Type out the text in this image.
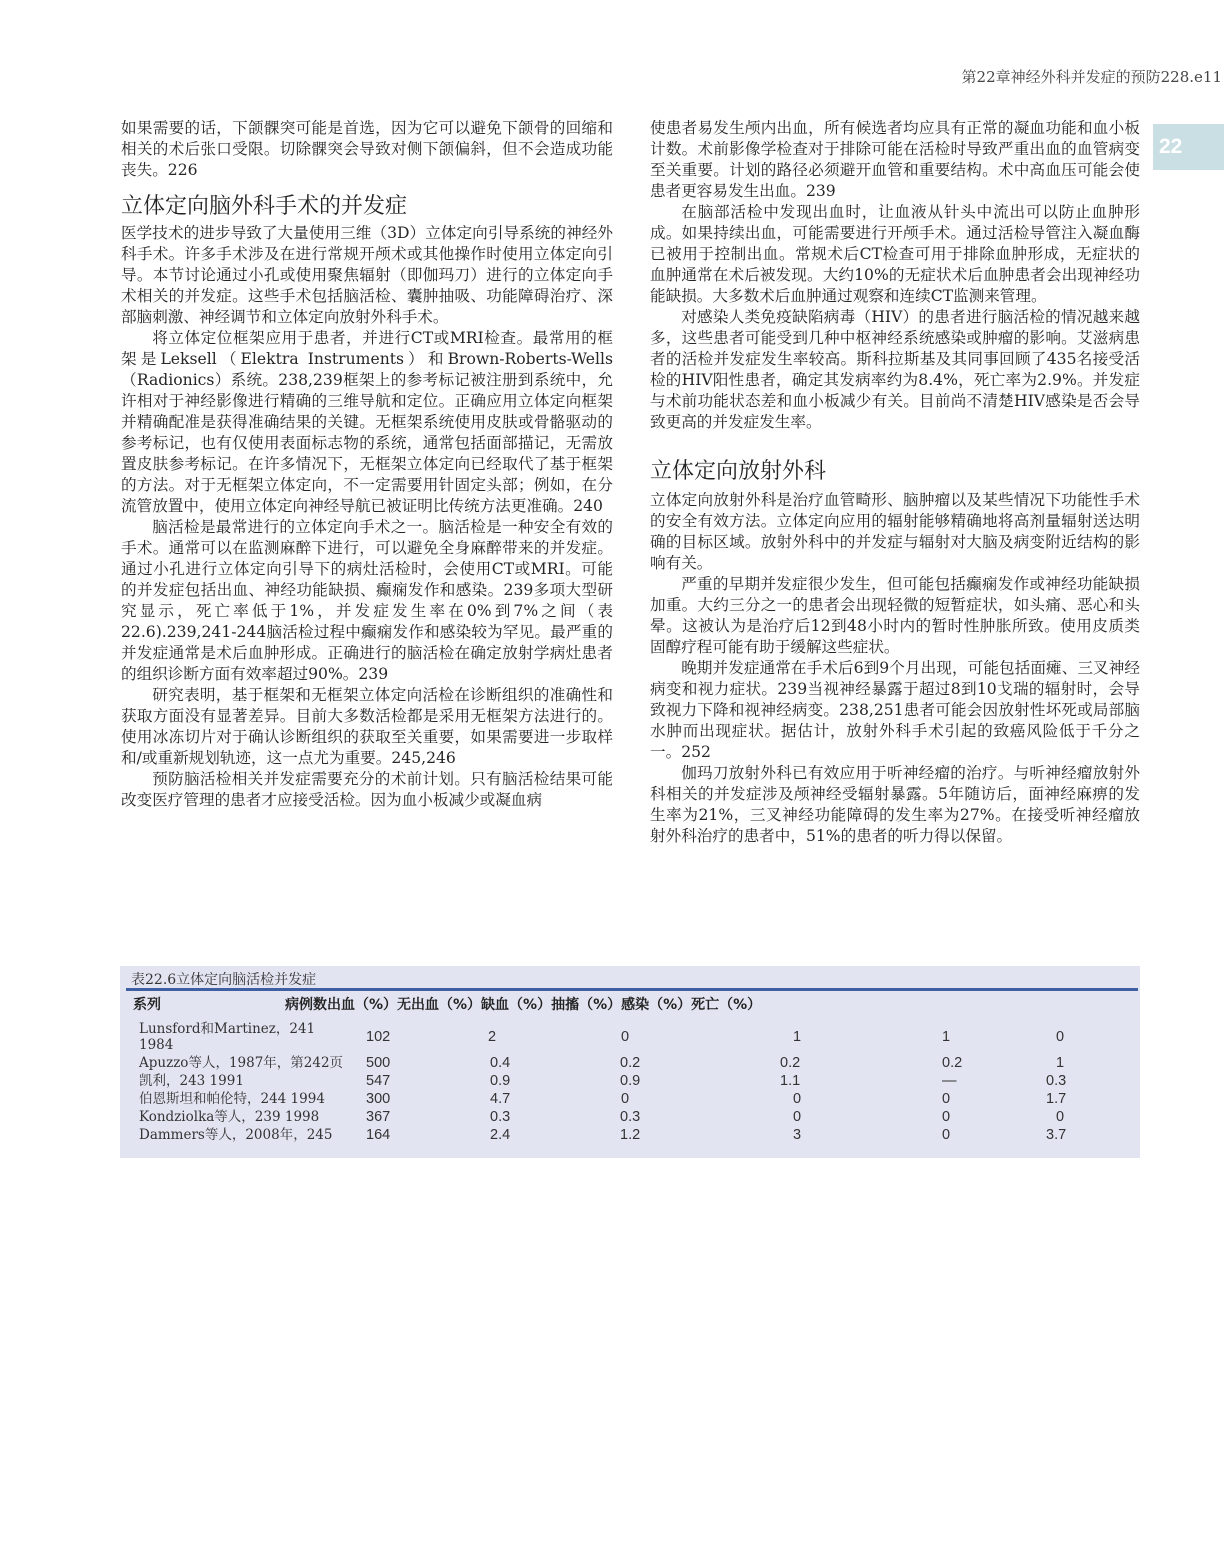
第22章神经外科并发症的预防228.e11
22

如果需要的话，下颌髁突可能是首选，因为它可以避免下颌骨的回缩和相关的术后张口受限。切除髁突会导致对侧下颌偏斜，但不会造成功能丧失。226

立体定向脑外科手术的并发症

医学技术的进步导致了大量使用三维（3D）立体定向引导系统的神经外科手术。许多手术涉及在进行常规开颅术或其他操作时使用立体定向引导。本节讨论通过小孔或使用聚焦辐射（即伽玛刀）进行的立体定向手术相关的并发症。这些手术包括脑活检、囊肿抽吸、功能障碍治疗、深部脑刺激、神经调节和立体定向放射外科手术。

将立体定位框架应用于患者，并进行CT或MRI检查。最常用的框架是Leksell（Elektra Instruments）和Brown-Roberts-Wells（Radionics）系统。238,239框架上的参考标记被注册到系统中，允许相对于神经影像进行精确的三维导航和定位。正确应用立体定向框架并精确配准是获得准确结果的关键。无框架系统使用皮肤或骨骼驱动的参考标记，也有仅使用表面标志物的系统，通常包括面部描记，无需放置皮肤参考标记。在许多情况下，无框架立体定向已经取代了基于框架的方法。对于无框架立体定向，不一定需要用针固定头部；例如，在分流管放置中，使用立体定向神经导航已被证明比传统方法更准确。240

脑活检是最常进行的立体定向手术之一。脑活检是一种安全有效的手术。通常可以在监测麻醉下进行，可以避免全身麻醉带来的并发症。通过小孔进行立体定向引导下的病灶活检时，会使用CT或MRI。可能的并发症包括出血、神经功能缺损、癫痫发作和感染。239多项大型研究显示，死亡率低于1%，并发症发生率在0%到7%之间（表22.6).239,241-244脑活检过程中癫痫发作和感染较为罕见。最严重的并发症通常是术后血肿形成。正确进行的脑活检在确定放射学病灶患者的组织诊断方面有效率超过90%。239

研究表明，基于框架和无框架立体定向活检在诊断组织的准确性和获取方面没有显著差异。目前大多数活检都是采用无框架方法进行的。使用冰冻切片对于确认诊断组织的获取至关重要，如果需要进一步取样和/或重新规划轨迹，这一点尤为重要。245,246

预防脑活检相关并发症需要充分的术前计划。只有脑活检结果可能改变医疗管理的患者才应接受活检。因为血小板减少或凝血病

使患者易发生颅内出血，所有候选者均应具有正常的凝血功能和血小板计数。术前影像学检查对于排除可能在活检时导致严重出血的血管病变至关重要。计划的路径必须避开血管和重要结构。术中高血压可能会使患者更容易发生出血。239

在脑部活检中发现出血时，让血液从针头中流出可以防止血肿形成。如果持续出血，可能需要进行开颅手术。通过活检导管注入凝血酶已被用于控制出血。常规术后CT检查可用于排除血肿形成，无症状的血肿通常在术后被发现。大约10%的无症状术后血肿患者会出现神经功能缺损。大多数术后血肿通过观察和连续CT监测来管理。

对感染人类免疫缺陷病毒（HIV）的患者进行脑活检的情况越来越多，这些患者可能受到几种中枢神经系统感染或肿瘤的影响。艾滋病患者的活检并发症发生率较高。斯科拉斯基及其同事回顾了435名接受活检的HIV阳性患者，确定其发病率约为8.4%，死亡率为2.9%。并发症与术前功能状态差和血小板减少有关。目前尚不清楚HIV感染是否会导致更高的并发症发生率。

立体定向放射外科

立体定向放射外科是治疗血管畸形、脑肿瘤以及某些情况下功能性手术的安全有效方法。立体定向应用的辐射能够精确地将高剂量辐射送达明确的目标区域。放射外科中的并发症与辐射对大脑及病变附近结构的影响有关。

严重的早期并发症很少发生，但可能包括癫痫发作或神经功能缺损加重。大约三分之一的患者会出现轻微的短暂症状，如头痛、恶心和头晕。这被认为是治疗后12到48小时内的暂时性肿胀所致。使用皮质类固醇疗程可能有助于缓解这些症状。

晚期并发症通常在手术后6到9个月出现，可能包括面瘫、三叉神经病变和视力症状。239当视神经暴露于超过8到10戈瑞的辐射时，会导致视力下降和视神经病变。238,251患者可能会因放射性坏死或局部脑水肿而出现症状。据估计，放射外科手术引起的致癌风险低于千分之一。252

伽玛刀放射外科已有效应用于听神经瘤的治疗。与听神经瘤放射外科相关的并发症涉及颅神经受辐射暴露。5年随访后，面神经麻痹的发生率为21%，三叉神经功能障碍的发生率为27%。在接受听神经瘤放射外科治疗的患者中，51%的患者的听力得以保留。

表22.6立体定向脑活检并发症
系列	病例数出血（%）无出血（%）缺血（%）抽搐（%）感染（%）死亡（%）
Lunsford和Martinez，241 1984	102	2	0	1	1	0
Apuzzo等人，1987年，第242页 500	0.4	0.2	0.2	0.2	1
凯利，243 1991	547	0.9	0.9	1.1	—	0.3
伯恩斯坦和帕伦特，244 1994	300	4.7	0	0	0	1.7
Kondziolka等人，239 1998	367	0.3	0.3	0	0	0
Dammers等人，2008年，245 164	2.4	1.2	3	0	3.7
